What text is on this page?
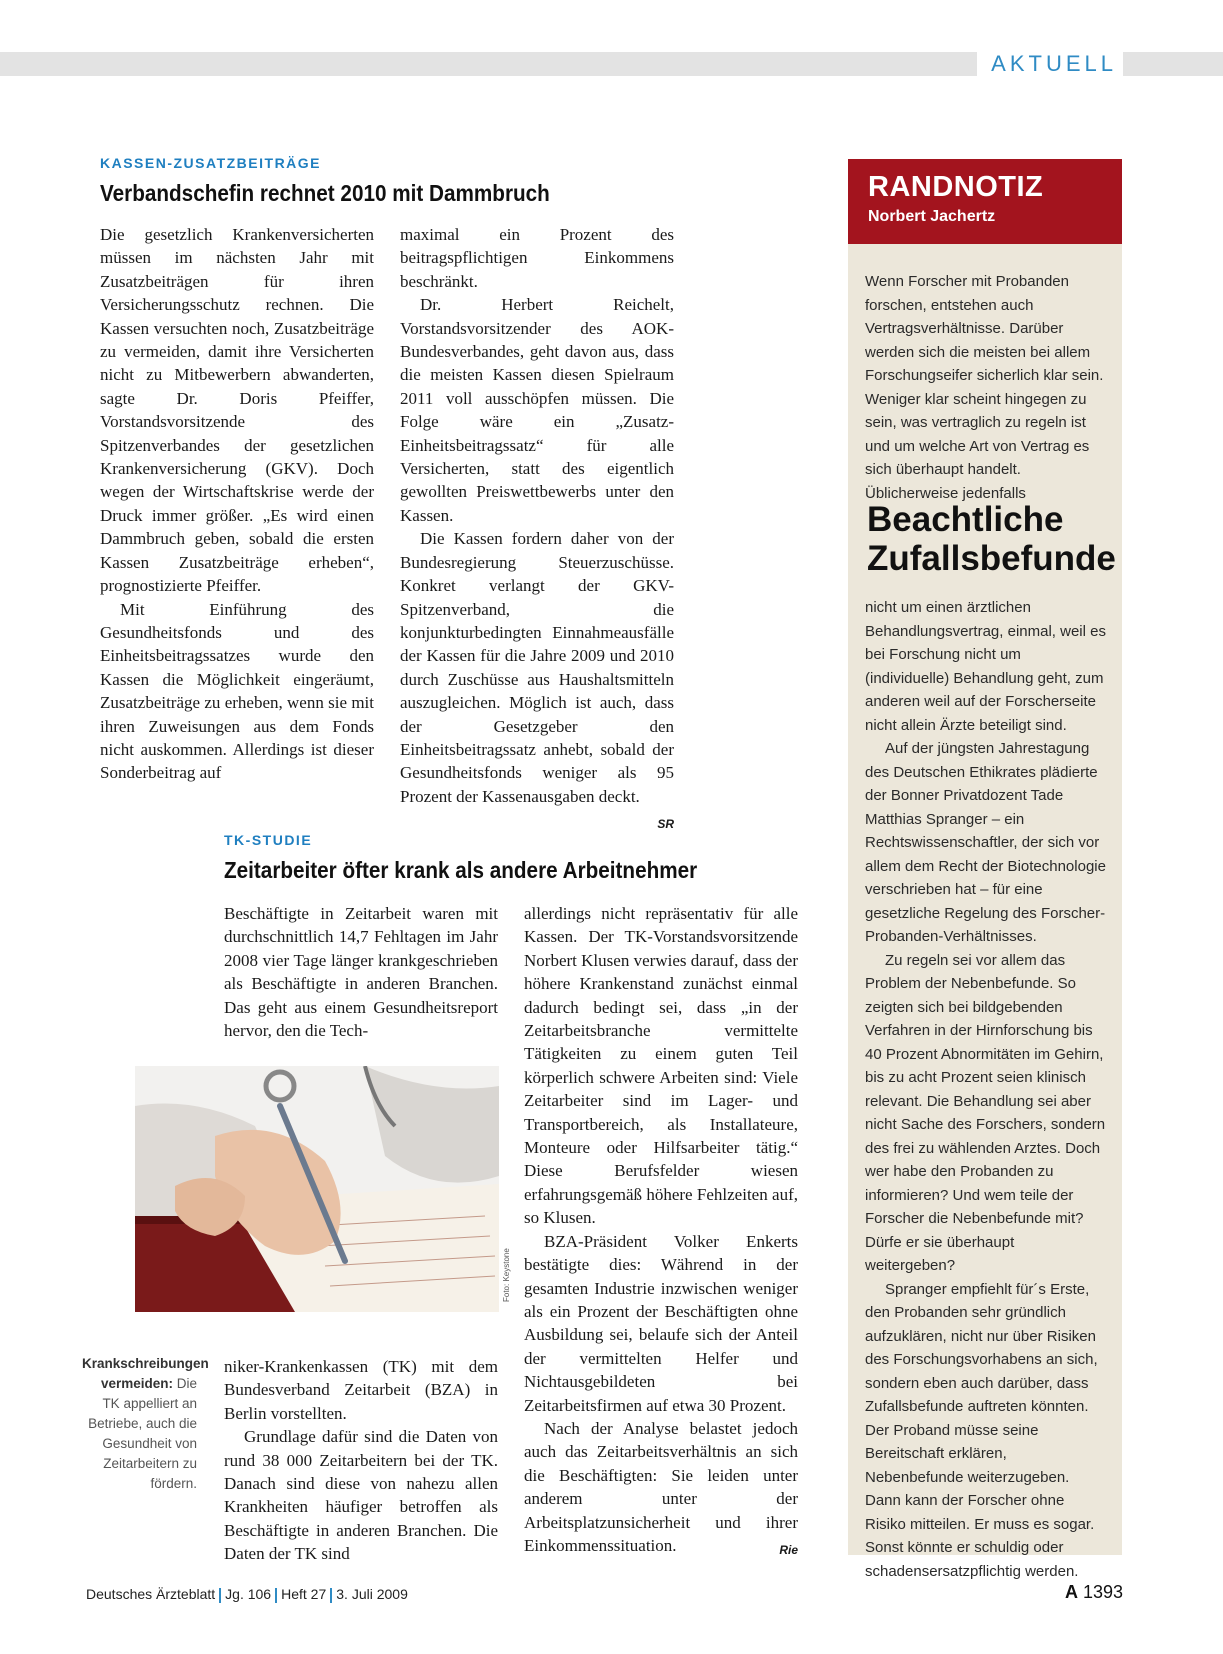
AKTUELL
KASSEN-ZUSATZBEITRÄGE
Verbandschefin rechnet 2010 mit Dammbruch

Die gesetzlich Krankenversicherten müssen im nächsten Jahr mit Zusatzbeiträgen für ihren Versicherungsschutz rechnen. Die Kassen versuchten noch, Zusatzbeiträge zu vermeiden, damit ihre Versicherten nicht zu Mitbewerbern abwanderten, sagte Dr. Doris Pfeiffer, Vorstandsvorsitzende des Spitzenverbandes der gesetzlichen Krankenversicherung (GKV). Doch wegen der Wirtschaftskrise werde der Druck immer größer. „Es wird einen Dammbruch geben, sobald die ersten Kassen Zusatzbeiträge erheben“, prognostizierte Pfeiffer.

Mit Einführung des Gesundheitsfonds und des Einheitsbeitragssatzes wurde den Kassen die Möglichkeit eingeräumt, Zusatzbeiträge zu erheben, wenn sie mit ihren Zuweisungen aus dem Fonds nicht auskommen. Allerdings ist dieser Sonderbeitrag auf

maximal ein Prozent des beitragspflichtigen Einkommens beschränkt.

Dr. Herbert Reichelt, Vorstandsvorsitzender des AOK-Bundesverbandes, geht davon aus, dass die meisten Kassen diesen Spielraum 2011 voll ausschöpfen müssen. Die Folge wäre ein „Zusatz-Einheitsbeitragssatz“ für alle Versicherten, statt des eigentlich gewollten Preiswettbewerbs unter den Kassen.

Die Kassen fordern daher von der Bundesregierung Steuerzuschüsse. Konkret verlangt der GKV-Spitzenverband, die konjunkturbedingten Einnahmeausfälle der Kassen für die Jahre 2009 und 2010 durch Zuschüsse aus Haushaltsmitteln auszugleichen. Möglich ist auch, dass der Gesetzgeber den Einheitsbeitragssatz anhebt, sobald der Gesundheitsfonds weniger als 95 Prozent der Kassenausgaben deckt.
SR

TK-STUDIE
Zeitarbeiter öfter krank als andere Arbeitnehmer

Beschäftigte in Zeitarbeit waren mit durchschnittlich 14,7 Fehltagen im Jahr 2008 vier Tage länger krankgeschrieben als Beschäftigte in anderen Branchen. Das geht aus einem Gesundheitsreport hervor, den die Tech-

Foto: Keystone
Krankschreibungen vermeiden: Die TK appelliert an Betriebe, auch die Gesundheit von Zeitarbeitern zu fördern.

niker-Krankenkassen (TK) mit dem Bundesverband Zeitarbeit (BZA) in Berlin vorstellten.

Grundlage dafür sind die Daten von rund 38 000 Zeitarbeitern bei der TK. Danach sind diese von nahezu allen Krankheiten häufiger betroffen als Beschäftigte in anderen Branchen. Die Daten der TK sind

allerdings nicht repräsentativ für alle Kassen. Der TK-Vorstandsvorsitzende Norbert Klusen verwies darauf, dass der höhere Krankenstand zunächst einmal dadurch bedingt sei, dass „in der Zeitarbeitsbranche vermittelte Tätigkeiten zu einem guten Teil körperlich schwere Arbeiten sind: Viele Zeitarbeiter sind im Lager- und Transportbereich, als Installateure, Monteure oder Hilfsarbeiter tätig.“ Diese Berufsfelder wiesen erfahrungsgemäß höhere Fehlzeiten auf, so Klusen.

BZA-Präsident Volker Enkerts bestätigte dies: Während in der gesamten Industrie inzwischen weniger als ein Prozent der Beschäftigten ohne Ausbildung sei, belaufe sich der Anteil der vermittelten Helfer und Nichtausgebildeten bei Zeitarbeitsfirmen auf etwa 30 Prozent.

Nach der Analyse belastet jedoch auch das Zeitarbeitsverhältnis an sich die Beschäftigten: Sie leiden unter anderem unter der Arbeitsplatzunsicherheit und ihrer Einkommenssituation.	Rie

RANDNOTIZ
Norbert Jachertz

Wenn Forscher mit Probanden forschen, entstehen auch Vertragsverhältnisse. Darüber werden sich die meisten bei allem Forschungseifer sicherlich klar sein. Weniger klar scheint hingegen zu sein, was vertraglich zu regeln ist und um welche Art von Vertrag es sich überhaupt handelt. Üblicherweise jedenfalls

Beachtliche
Zufallsbefunde

nicht um einen ärztlichen Behandlungsvertrag, einmal, weil es bei Forschung nicht um (individuelle) Behandlung geht, zum anderen weil auf der Forscherseite nicht allein Ärzte beteiligt sind.

Auf der jüngsten Jahrestagung des Deutschen Ethikrates plädierte der Bonner Privatdozent Tade Matthias Spranger – ein Rechtswissenschaftler, der sich vor allem dem Recht der Biotechnologie verschrieben hat – für eine gesetzliche Regelung des Forscher-Probanden-Verhältnisses.

Zu regeln sei vor allem das Problem der Nebenbefunde. So zeigten sich bei bildgebenden Verfahren in der Hirnforschung bis 40 Prozent Abnormitäten im Gehirn, bis zu acht Prozent seien klinisch relevant. Die Behandlung sei aber nicht Sache des Forschers, sondern des frei zu wählenden Arztes. Doch wer habe den Probanden zu informieren? Und wem teile der Forscher die Nebenbefunde mit? Dürfe er sie überhaupt weitergeben?

Spranger empfiehlt für´s Erste, den Probanden sehr gründlich aufzuklären, nicht nur über Risiken des Forschungsvorhabens an sich, sondern eben auch darüber, dass Zufallsbefunde auftreten könnten. Der Proband müsse seine Bereitschaft erklären, Nebenbefunde weiterzugeben. Dann kann der Forscher ohne Risiko mitteilen. Er muss es sogar. Sonst könnte er schuldig oder schadensersatzpflichtig werden.

Deutsches Ärzteblatt Jg. 106 Heft 27 3. Juli 2009	A 1393
